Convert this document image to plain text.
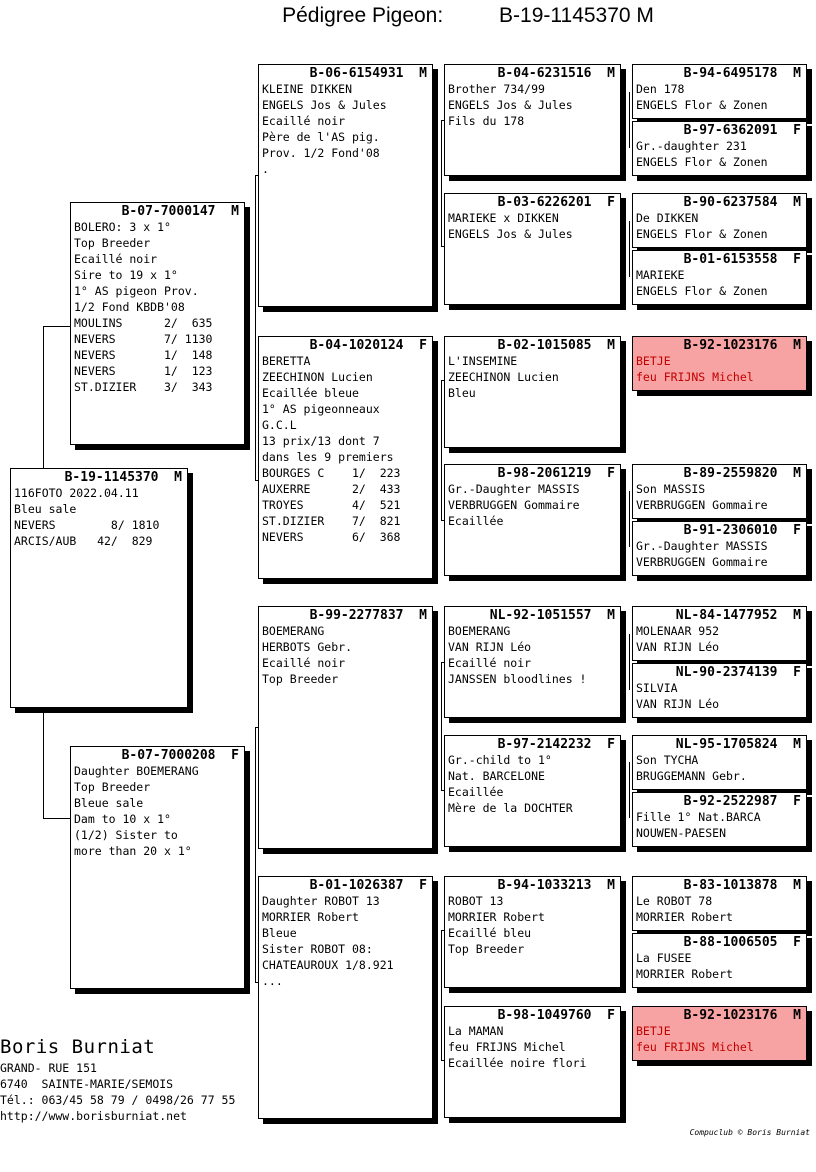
Pédigree Pigeon:	B-19-1145370 M
B-19-1145370  M
116FOTO 2022.04.11
Bleu sale
NEVERS        8/ 1810
ARCIS/AUB   42/  829
B-07-7000147  M
BOLERO: 3 x 1°
Top Breeder
Ecaillé noir
Sire to 19 x 1°
1° AS pigeon Prov.
1/2 Fond KBDB'08
MOULINS      2/  635
NEVERS       7/ 1130
NEVERS       1/  148
NEVERS       1/  123
ST.DIZIER    3/  343
B-07-7000208  F
Daughter BOEMERANG
Top Breeder
Bleue sale
Dam to 10 x 1°
(1/2) Sister to
more than 20 x 1°
B-06-6154931  M
KLEINE DIKKEN
ENGELS Jos & Jules
Ecaillé noir
Père de l'AS pig.
Prov. 1/2 Fond'08
.
B-04-1020124  F
BERETTA
ZEECHINON Lucien
Ecaillée bleue
1° AS pigeonneaux
G.C.L
13 prix/13 dont 7
dans les 9 premiers
BOURGES C    1/  223
AUXERRE      2/  433
TROYES       4/  521
ST.DIZIER    7/  821
NEVERS       6/  368
B-99-2277837  M
BOEMERANG
HERBOTS Gebr.
Ecaillé noir
Top Breeder
B-01-1026387  F
Daughter ROBOT 13
MORRIER Robert
Bleue
Sister ROBOT 08:
CHATEAUROUX 1/8.921
...
B-04-6231516  M
Brother 734/99
ENGELS Jos & Jules
Fils du 178
B-03-6226201  F
MARIEKE x DIKKEN
ENGELS Jos & Jules
B-02-1015085  M
L'INSEMINE
ZEECHINON Lucien
Bleu
B-98-2061219  F
Gr.-Daughter MASSIS
VERBRUGGEN Gommaire
Ecaillée
NL-92-1051557  M
BOEMERANG
VAN RIJN Léo
Ecaillé noir
JANSSEN bloodlines !
B-97-2142232  F
Gr.-child to 1°
Nat. BARCELONE
Ecaillée
Mère de la DOCHTER
B-94-1033213  M
ROBOT 13
MORRIER Robert
Ecaillé bleu
Top Breeder
B-98-1049760  F
La MAMAN
feu FRIJNS Michel
Ecaillée noire flori
B-94-6495178  M
Den 178
ENGELS Flor & Zonen
B-97-6362091  F
Gr.-daughter 231
ENGELS Flor & Zonen
B-90-6237584  M
De DIKKEN
ENGELS Flor & Zonen
B-01-6153558  F
MARIEKE
ENGELS Flor & Zonen
B-92-1023176  M
BETJE
feu FRIJNS Michel
B-89-2559820  M
Son MASSIS
VERBRUGGEN Gommaire
B-91-2306010  F
Gr.-Daughter MASSIS
VERBRUGGEN Gommaire
NL-84-1477952  M
MOLENAAR 952
VAN RIJN Léo
NL-90-2374139  F
SILVIA
VAN RIJN Léo
NL-95-1705824  M
Son TYCHA
BRUGGEMANN Gebr.
B-92-2522987  F
Fille 1° Nat.BARCA
NOUWEN-PAESEN
B-83-1013878  M
Le ROBOT 78
MORRIER Robert
B-88-1006505  F
La FUSEE
MORRIER Robert
B-92-1023176  M
BETJE
feu FRIJNS Michel
Boris Burniat
GRAND- RUE 151
6740  SAINTE-MARIE/SEMOIS
Tél.: 063/45 58 79 / 0498/26 77 55
http://www.borisburniat.net
Compuclub © Boris Burniat
